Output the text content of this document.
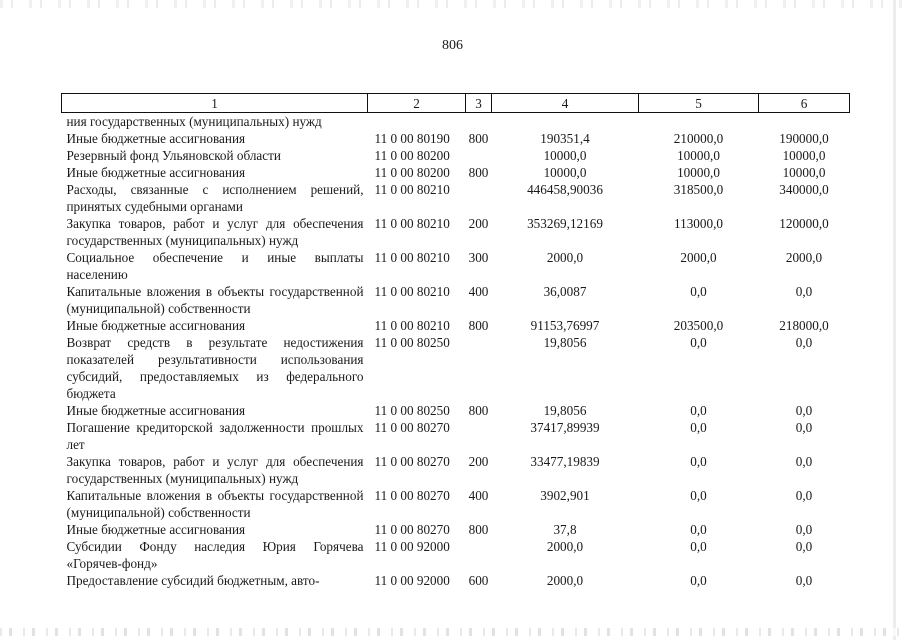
806
1	2	3	4	5	6
ния государственных (муниципальных) нужд					
Иные бюджетные ассигнования	11 0 00 80190	800	190351,4	210000,0	190000,0
Резервный фонд Ульяновской области	11 0 00 80200		10000,0	10000,0	10000,0
Иные бюджетные ассигнования	11 0 00 80200	800	10000,0	10000,0	10000,0
Расходы, связанные с исполнением решений, принятых судебными органами	11 0 00 80210		446458,90036	318500,0	340000,0
Закупка товаров, работ и услуг для обеспечения государственных (муниципальных) нужд	11 0 00 80210	200	353269,12169	113000,0	120000,0
Социальное обеспечение и иные выплаты населению	11 0 00 80210	300	2000,0	2000,0	2000,0
Капитальные вложения в объекты государственной (муниципальной) собственности	11 0 00 80210	400	36,0087	0,0	0,0
Иные бюджетные ассигнования	11 0 00 80210	800	91153,76997	203500,0	218000,0
Возврат средств в результате недостижения показателей результативности использования субсидий, предоставляемых из федерального бюджета	11 0 00 80250		19,8056	0,0	0,0
Иные бюджетные ассигнования	11 0 00 80250	800	19,8056	0,0	0,0
Погашение кредиторской задолженности прошлых лет	11 0 00 80270		37417,89939	0,0	0,0
Закупка товаров, работ и услуг для обеспечения государственных (муниципальных) нужд	11 0 00 80270	200	33477,19839	0,0	0,0
Капитальные вложения в объекты государственной (муниципальной) собственности	11 0 00 80270	400	3902,901	0,0	0,0
Иные бюджетные ассигнования	11 0 00 80270	800	37,8	0,0	0,0
Субсидии Фонду наследия Юрия Горячева «Горячев-фонд»	11 0 00 92000		2000,0	0,0	0,0
Предоставление субсидий бюджетным, авто-	11 0 00 92000	600	2000,0	0,0	0,0
